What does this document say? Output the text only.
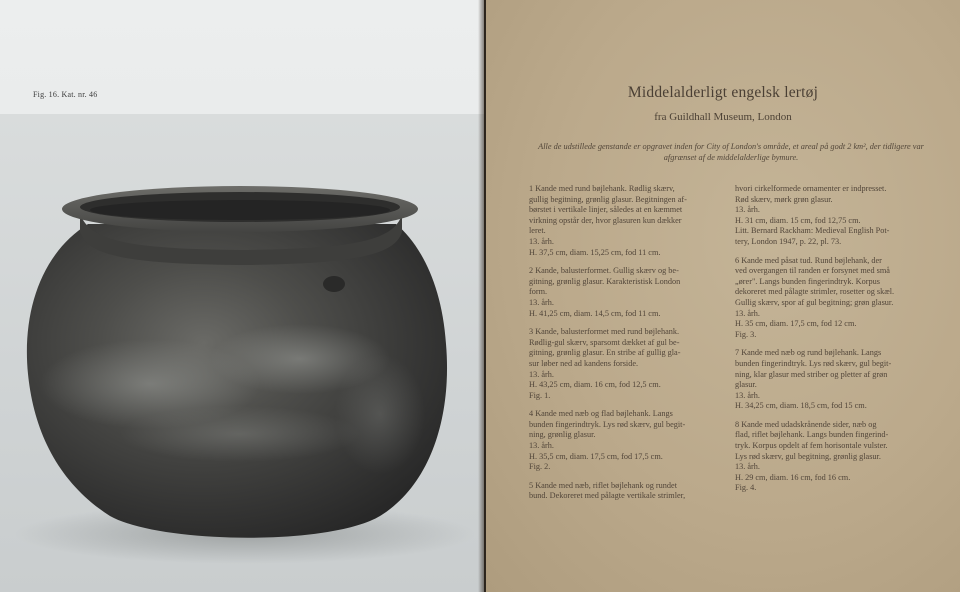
Fig. 16. Kat. nr. 46	Middelalderligt engelsk lertøj
fra Guildhall Museum, London
Alle de udstillede genstande er opgravet inden for City of London's område, et areal på godt 2 km², der tidligere var afgrænset af de middelalderlige bymure.

1 Kande med rund bøjlehank. Rødlig skærv,
gullig begitning, grønlig glasur. Begitningen af-
børstet i vertikale linjer, således at en kæmmet
virkning opstår der, hvor glasuren kun dækker
leret.
13. årh.
H. 37,5 cm, diam. 15,25 cm, fod 11 cm.

2 Kande, balusterformet. Gullig skærv og be-
gitning, grønlig glasur. Karakteristisk London
form.
13. årh.
H. 41,25 cm, diam. 14,5 cm, fod 11 cm.

3 Kande, balusterformet med rund bøjlehank.
Rødlig-gul skærv, sparsomt dækket af gul be-
gitning, grønlig glasur. En stribe af gullig gla-
sur løber ned ad kandens forside.
13. årh.
H. 43,25 cm, diam. 16 cm, fod 12,5 cm.
Fig. 1.

4 Kande med næb og flad bøjlehank. Langs
bunden fingerindtryk. Lys rød skærv, gul begit-
ning, grønlig glasur.
13. årh.
H. 35,5 cm, diam. 17,5 cm, fod 17,5 cm.
Fig. 2.

5 Kande med næb, riflet bøjlehank og rundet
bund. Dekoreret med pålagte vertikale strimler,

hvori cirkelformede ornamenter er indpresset.
Rød skærv, mørk grøn glasur.
13. årh.
H. 31 cm, diam. 15 cm, fod 12,75 cm.
Litt. Bernard Rackham: Medieval English Pot-
tery, London 1947, p. 22, pl. 73.

6 Kande med påsat tud. Rund bøjlehank, der
ved overgangen til randen er forsynet med små
„ører". Langs bunden fingerindtryk. Korpus
dekoreret med pålagte strimler, rosetter og skæl.
Gullig skærv, spor af gul begitning; grøn glasur.
13. årh.
H. 35 cm, diam. 17,5 cm, fod 12 cm.
Fig. 3.

7 Kande med næb og rund bøjlehank. Langs
bunden fingerindtryk. Lys rød skærv, gul begit-
ning, klar glasur med striber og pletter af grøn
glasur.
13. årh.
H. 34,25 cm, diam. 18,5 cm, fod 15 cm.

8 Kande med udadskrånende sider, næb og
flad, riflet bøjlehank. Langs bunden fingerind-
tryk. Korpus opdelt af fem horisontale vulster.
Lys rød skærv, gul begitning, grønlig glasur.
13. årh.
H. 29 cm, diam. 16 cm, fod 16 cm.
Fig. 4.
